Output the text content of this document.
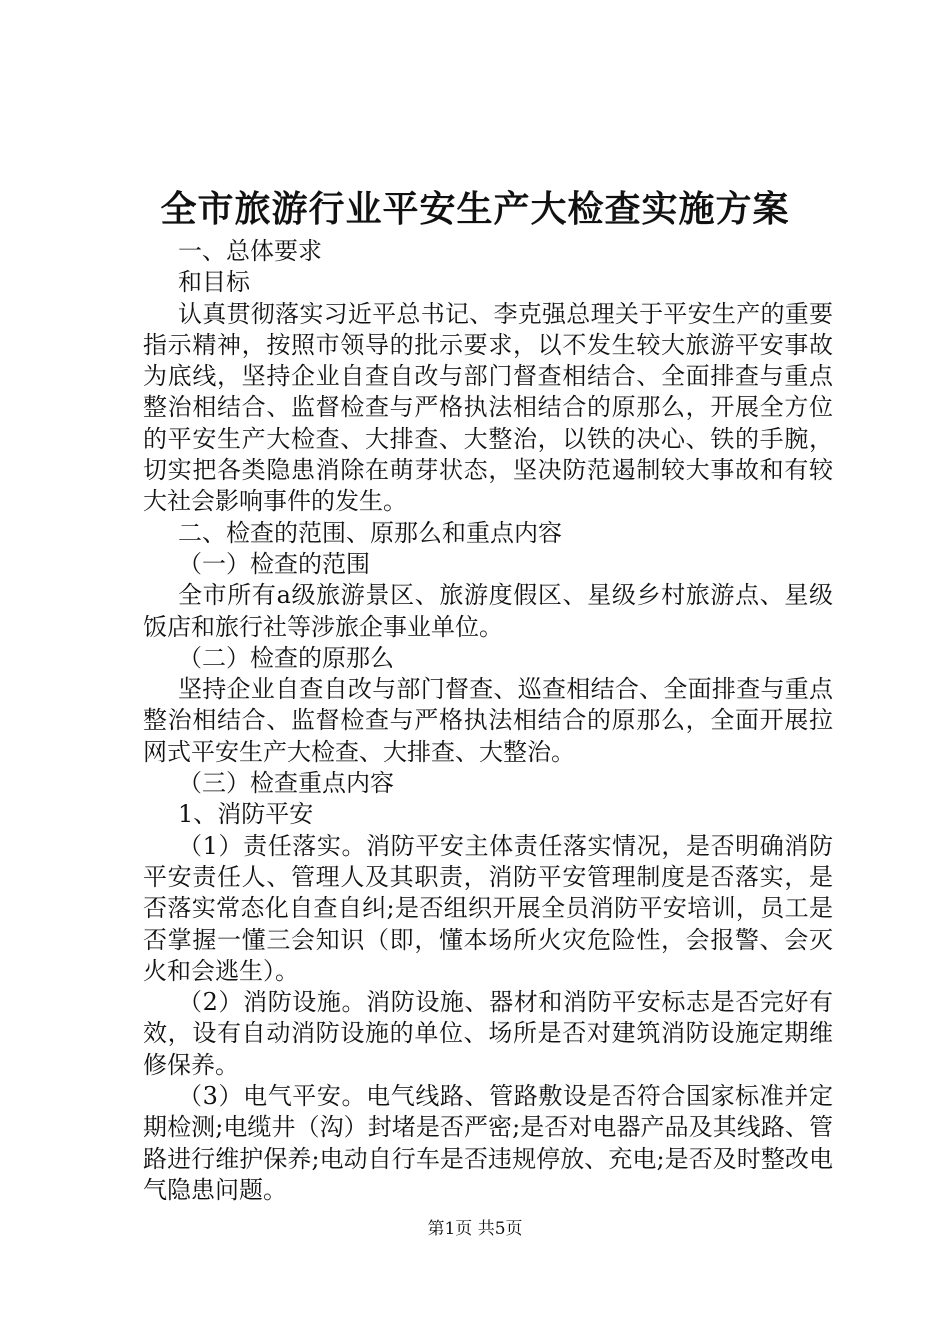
全市旅游行业平安生产大检查实施方案

一、总体要求

和目标

认真贯彻落实习近平总书记、李克强总理关于平安生产的重要指示精神，按照市领导的批示要求，以不发生较大旅游平安事故为底线，坚持企业自查自改与部门督查相结合、全面排查与重点整治相结合、监督检查与严格执法相结合的原那么，开展全方位的平安生产大检查、大排查、大整治，以铁的决心、铁的手腕，切实把各类隐患消除在萌芽状态，坚决防范遏制较大事故和有较大社会影响事件的发生。

二、检查的范围、原那么和重点内容

（一）检查的范围

全市所有a级旅游景区、旅游度假区、星级乡村旅游点、星级饭店和旅行社等涉旅企事业单位。

（二）检查的原那么

坚持企业自查自改与部门督查、巡查相结合、全面排查与重点整治相结合、监督检查与严格执法相结合的原那么，全面开展拉网式平安生产大检查、大排查、大整治。

（三）检查重点内容

1、消防平安

（1）责任落实。消防平安主体责任落实情况，是否明确消防平安责任人、管理人及其职责，消防平安管理制度是否落实，是否落实常态化自查自纠;是否组织开展全员消防平安培训，员工是否掌握一懂三会知识（即，懂本场所火灾危险性，会报警、会灭火和会逃生）。

（2）消防设施。消防设施、器材和消防平安标志是否完好有效，设有自动消防设施的单位、场所是否对建筑消防设施定期维修保养。

（3）电气平安。电气线路、管路敷设是否符合国家标准并定期检测;电缆井（沟）封堵是否严密;是否对电器产品及其线路、管路进行维护保养;电动自行车是否违规停放、充电;是否及时整改电气隐患问题。

第1页 共5页
